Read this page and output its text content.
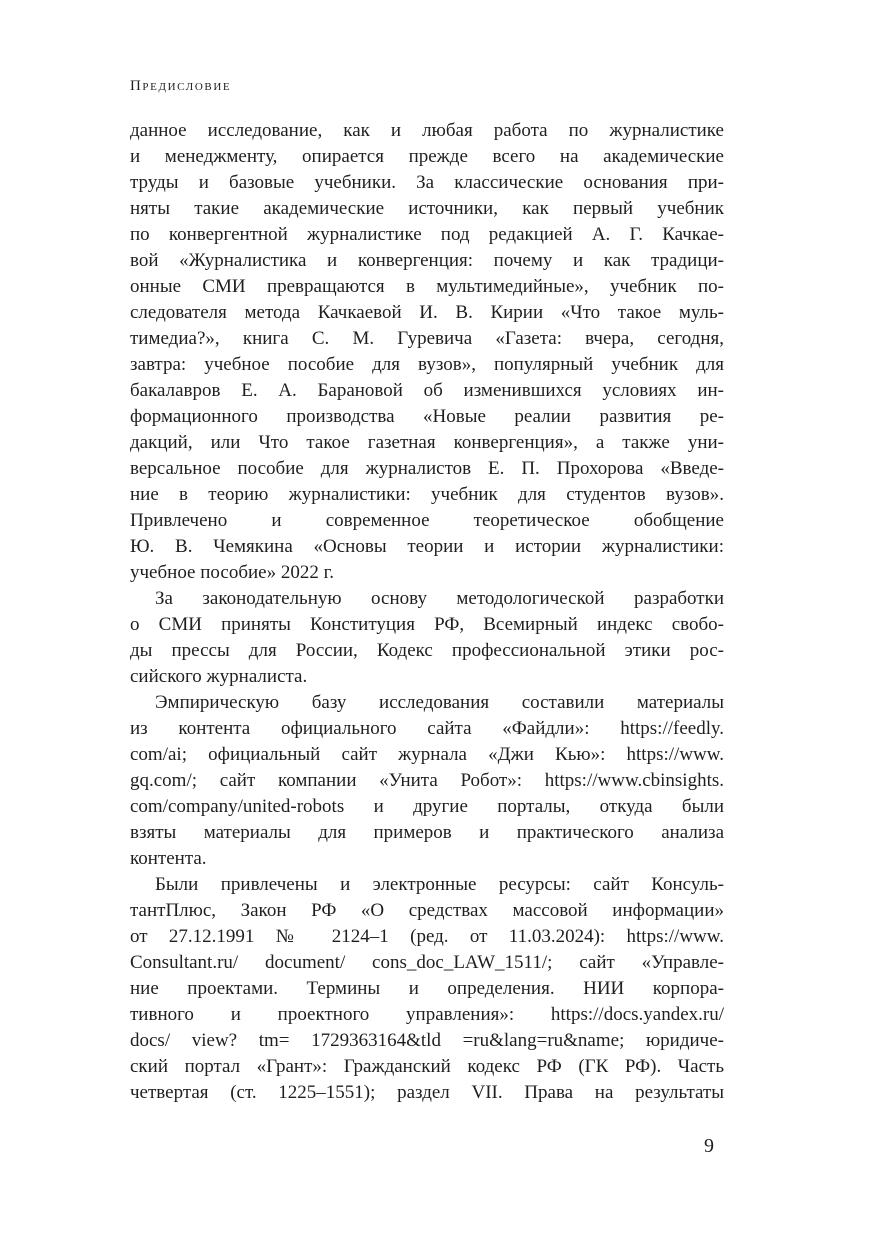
Предисловие
данное исследование, как и любая работа по журналистике
и менеджменту, опирается прежде всего на академические
труды и базовые учебники. За классические основания при-
няты такие академические источники, как первый учебник
по конвергентной журналистике под редакцией А. Г. Качкае-
вой «Журналистика и конвергенция: почему и как традици-
онные СМИ превращаются в мультимедийные», учебник по-
следователя метода Качкаевой И. В. Кирии «Что такое муль-
тимедиа?», книга С. М. Гуревича «Газета: вчера, сегодня,
завтра: учебное пособие для вузов», популярный учебник для
бакалавров Е. А. Барановой об изменившихся условиях ин-
формационного производства «Новые реалии развития ре-
дакций, или Что такое газетная конвергенция», а также уни-
версальное пособие для журналистов Е. П. Прохорова «Введе-
ние в теорию журналистики: учебник для студентов вузов».
Привлечено и современное теоретическое обобщение
Ю. В. Чемякина «Основы теории и истории журналистики:
учебное пособие» 2022 г.
За законодательную основу методологической разработки
о СМИ приняты Конституция РФ, Всемирный индекс свобо-
ды прессы для России, Кодекс профессиональной этики рос-
сийского журналиста.
Эмпирическую базу исследования составили материалы
из контента официального сайта «Файдли»: https://feedly.
com/ai; официальный сайт журнала «Джи Кью»: https://www.
gq.com/; сайт компании «Унита Робот»: https://www.cbinsights.
com/company/united-robots и другие порталы, откуда были
взяты материалы для примеров и практического анализа
контента.
Были привлечены и электронные ресурсы: сайт Консуль-
тантПлюс, Закон РФ «О средствах массовой информации»
от 27.12.1991 № 2124–1 (ред. от 11.03.2024): https://www.
Consultant.ru/ document/ cons_doc_LAW_1511/; сайт «Управле-
ние проектами. Термины и определения. НИИ корпора-
тивного и проектного управления»: https://docs.yandex.ru/
docs/ view? tm= 1729363164&tld =ru&lang=ru&name; юридиче-
ский портал «Грант»: Гражданский кодекс РФ (ГК РФ). Часть
четвертая (ст. 1225–1551); раздел VII. Права на результаты
9
